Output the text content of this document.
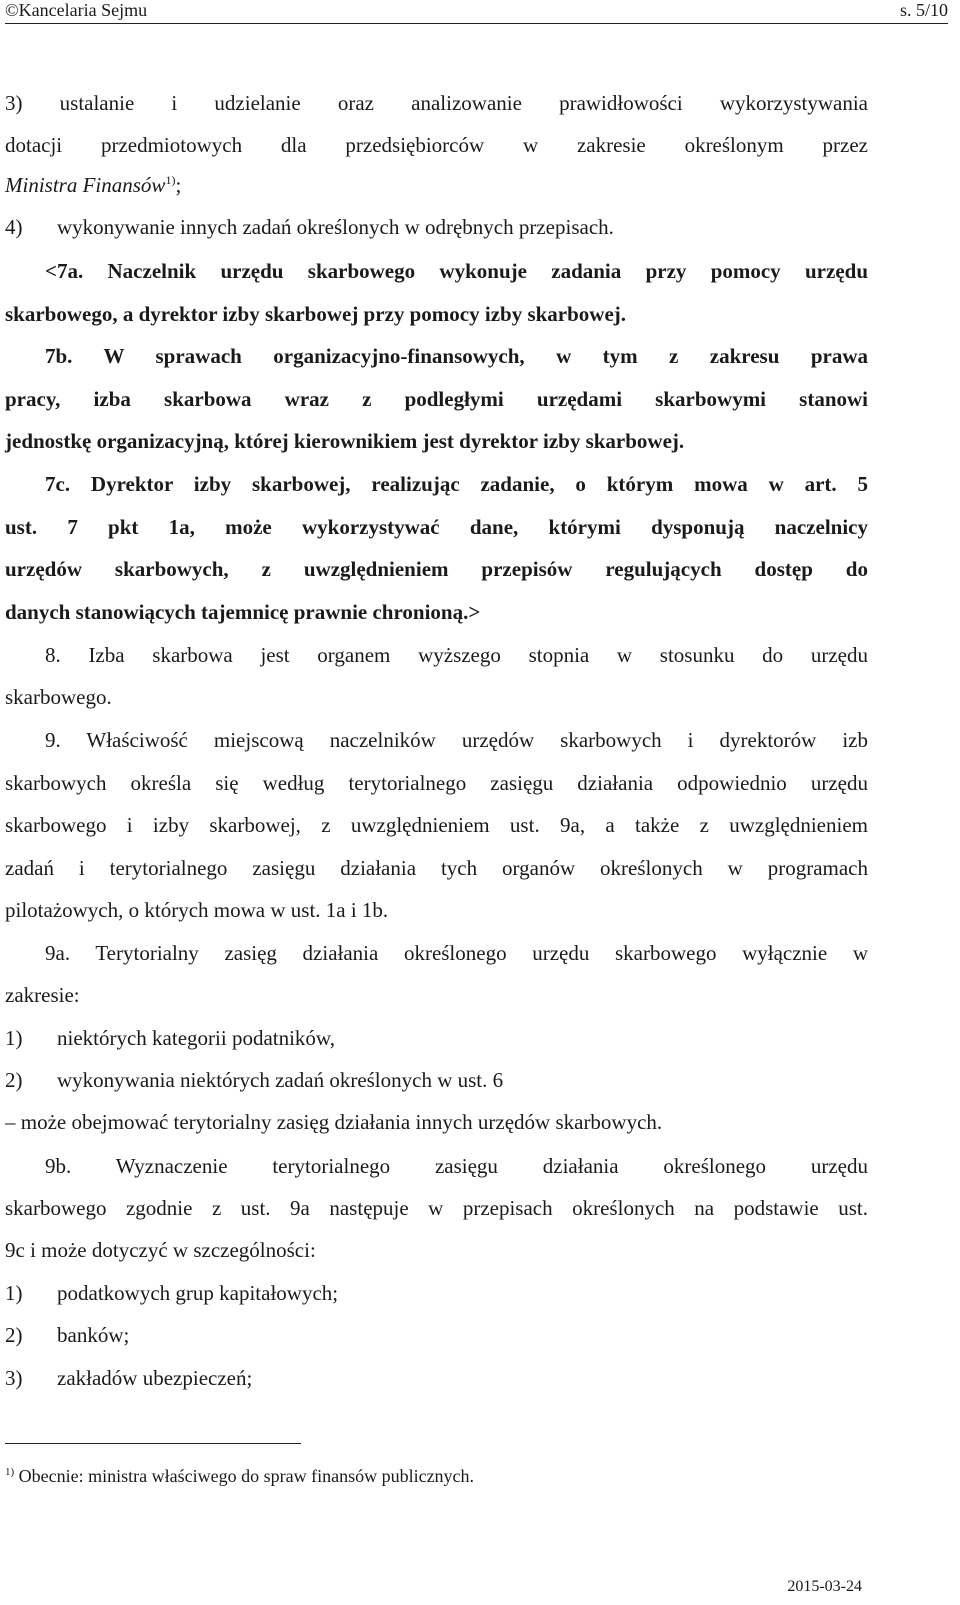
©Kancelaria Sejmu	s. 5/10
3) ustalanie i udzielanie oraz analizowanie prawidłowości wykorzystywania
dotacji przedmiotowych dla przedsiębiorców w zakresie określonym przez
Ministra Finansów$^{1)}$;
4) wykonywanie innych zadań określonych w odrębnych przepisach.
<7a. Naczelnik urzędu skarbowego wykonuje zadania przy pomocy urzędu
skarbowego, a dyrektor izby skarbowej przy pomocy izby skarbowej.
7b. W sprawach organizacyjno-finansowych, w tym z zakresu prawa
pracy, izba skarbowa wraz z podległymi urzędami skarbowymi stanowi
jednostkę organizacyjną, której kierownikiem jest dyrektor izby skarbowej.
7c. Dyrektor izby skarbowej, realizując zadanie, o którym mowa w art. 5
ust. 7 pkt 1a, może wykorzystywać dane, którymi dysponują naczelnicy
urzędów skarbowych, z uwzględnieniem przepisów regulujących dostęp do
danych stanowiących tajemnicę prawnie chronioną.>
8. Izba skarbowa jest organem wyższego stopnia w stosunku do urzędu
skarbowego.
9. Właściwość miejscową naczelników urzędów skarbowych i dyrektorów izb
skarbowych określa się według terytorialnego zasięgu działania odpowiednio urzędu
skarbowego i izby skarbowej, z uwzględnieniem ust. 9a, a także z uwzględnieniem
zadań i terytorialnego zasięgu działania tych organów określonych w programach
pilotażowych, o których mowa w ust. 1a i 1b.
9a. Terytorialny zasięg działania określonego urzędu skarbowego wyłącznie w
zakresie:
1) niektórych kategorii podatników,
2) wykonywania niektórych zadań określonych w ust. 6
– może obejmować terytorialny zasięg działania innych urzędów skarbowych.
9b. Wyznaczenie terytorialnego zasięgu działania określonego urzędu
skarbowego zgodnie z ust. 9a następuje w przepisach określonych na podstawie ust.
9c i może dotyczyć w szczególności:
1) podatkowych grup kapitałowych;
2) banków;
3) zakładów ubezpieczeń;
$^{1)}$ Obecnie: ministra właściwego do spraw finansów publicznych.
2015-03-24
